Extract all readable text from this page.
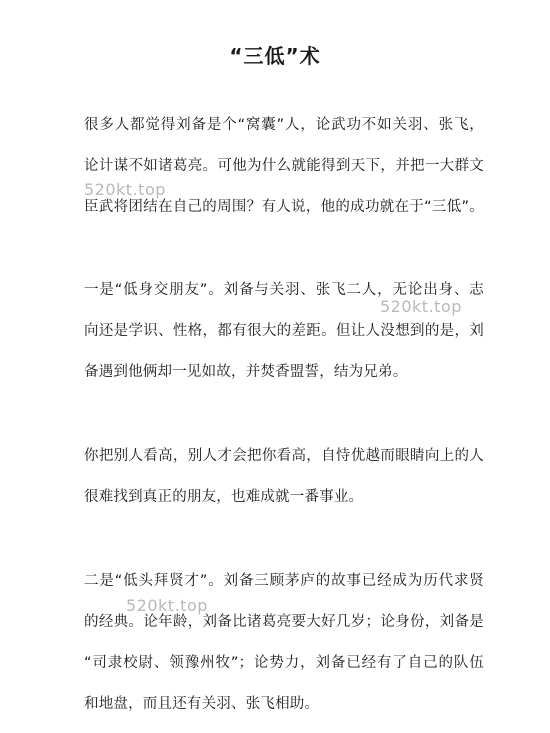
“三低”术
很多人都觉得刘备是个“窝囊”人，论武功不如关羽、张飞，
论计谋不如诸葛亮。可他为什么就能得到天下，并把一大群文
臣武将团结在自己的周围？有人说，他的成功就在于“三低”。
一是“低身交朋友”。刘备与关羽、张飞二人，无论出身、志
向还是学识、性格，都有很大的差距。但让人没想到的是，刘
备遇到他俩却一见如故，并焚香盟誓，结为兄弟。
你把别人看高，别人才会把你看高，自恃优越而眼睛向上的人
很难找到真正的朋友，也难成就一番事业。
二是“低头拜贤才”。刘备三顾茅庐的故事已经成为历代求贤
的经典。论年龄，刘备比诸葛亮要大好几岁；论身份，刘备是
“司隶校尉、领豫州牧”；论势力，刘备已经有了自己的队伍
和地盘，而且还有关羽、张飞相助。
520kt.top
520kt.top
520kt.top
